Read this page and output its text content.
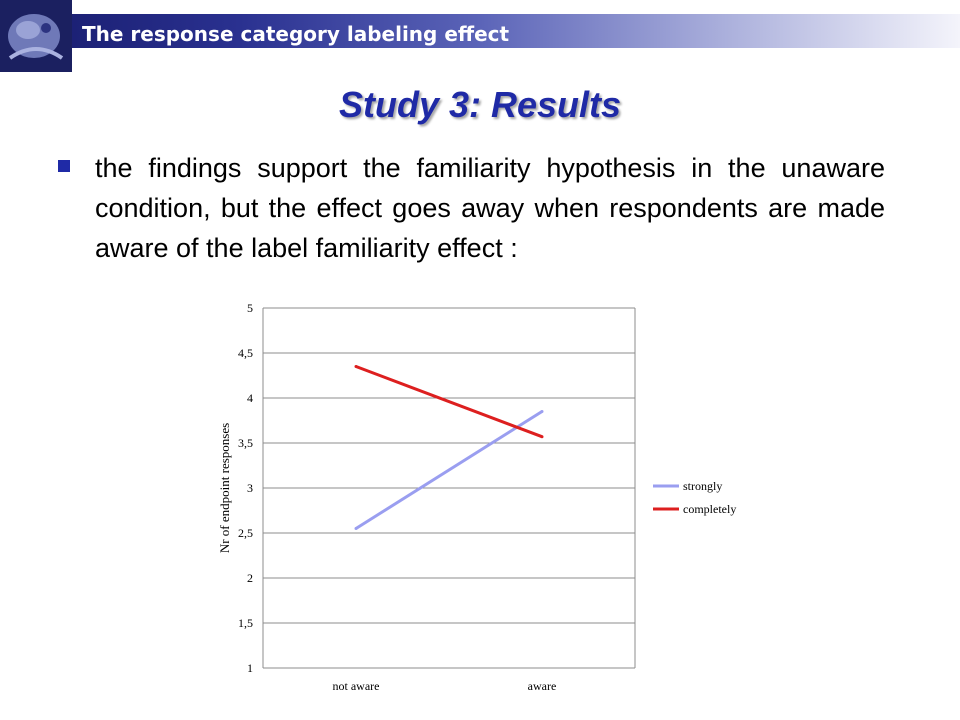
The response category labeling effect
Study 3: Results
the findings support the familiarity hypothesis in the unaware condition, but the effect goes away when respondents are made aware of the label familiarity effect :
1
1,5
2
2,5
3
3,5
4
4,5
5
not aware	aware
strongly
completely
Nr of endpoint responses
